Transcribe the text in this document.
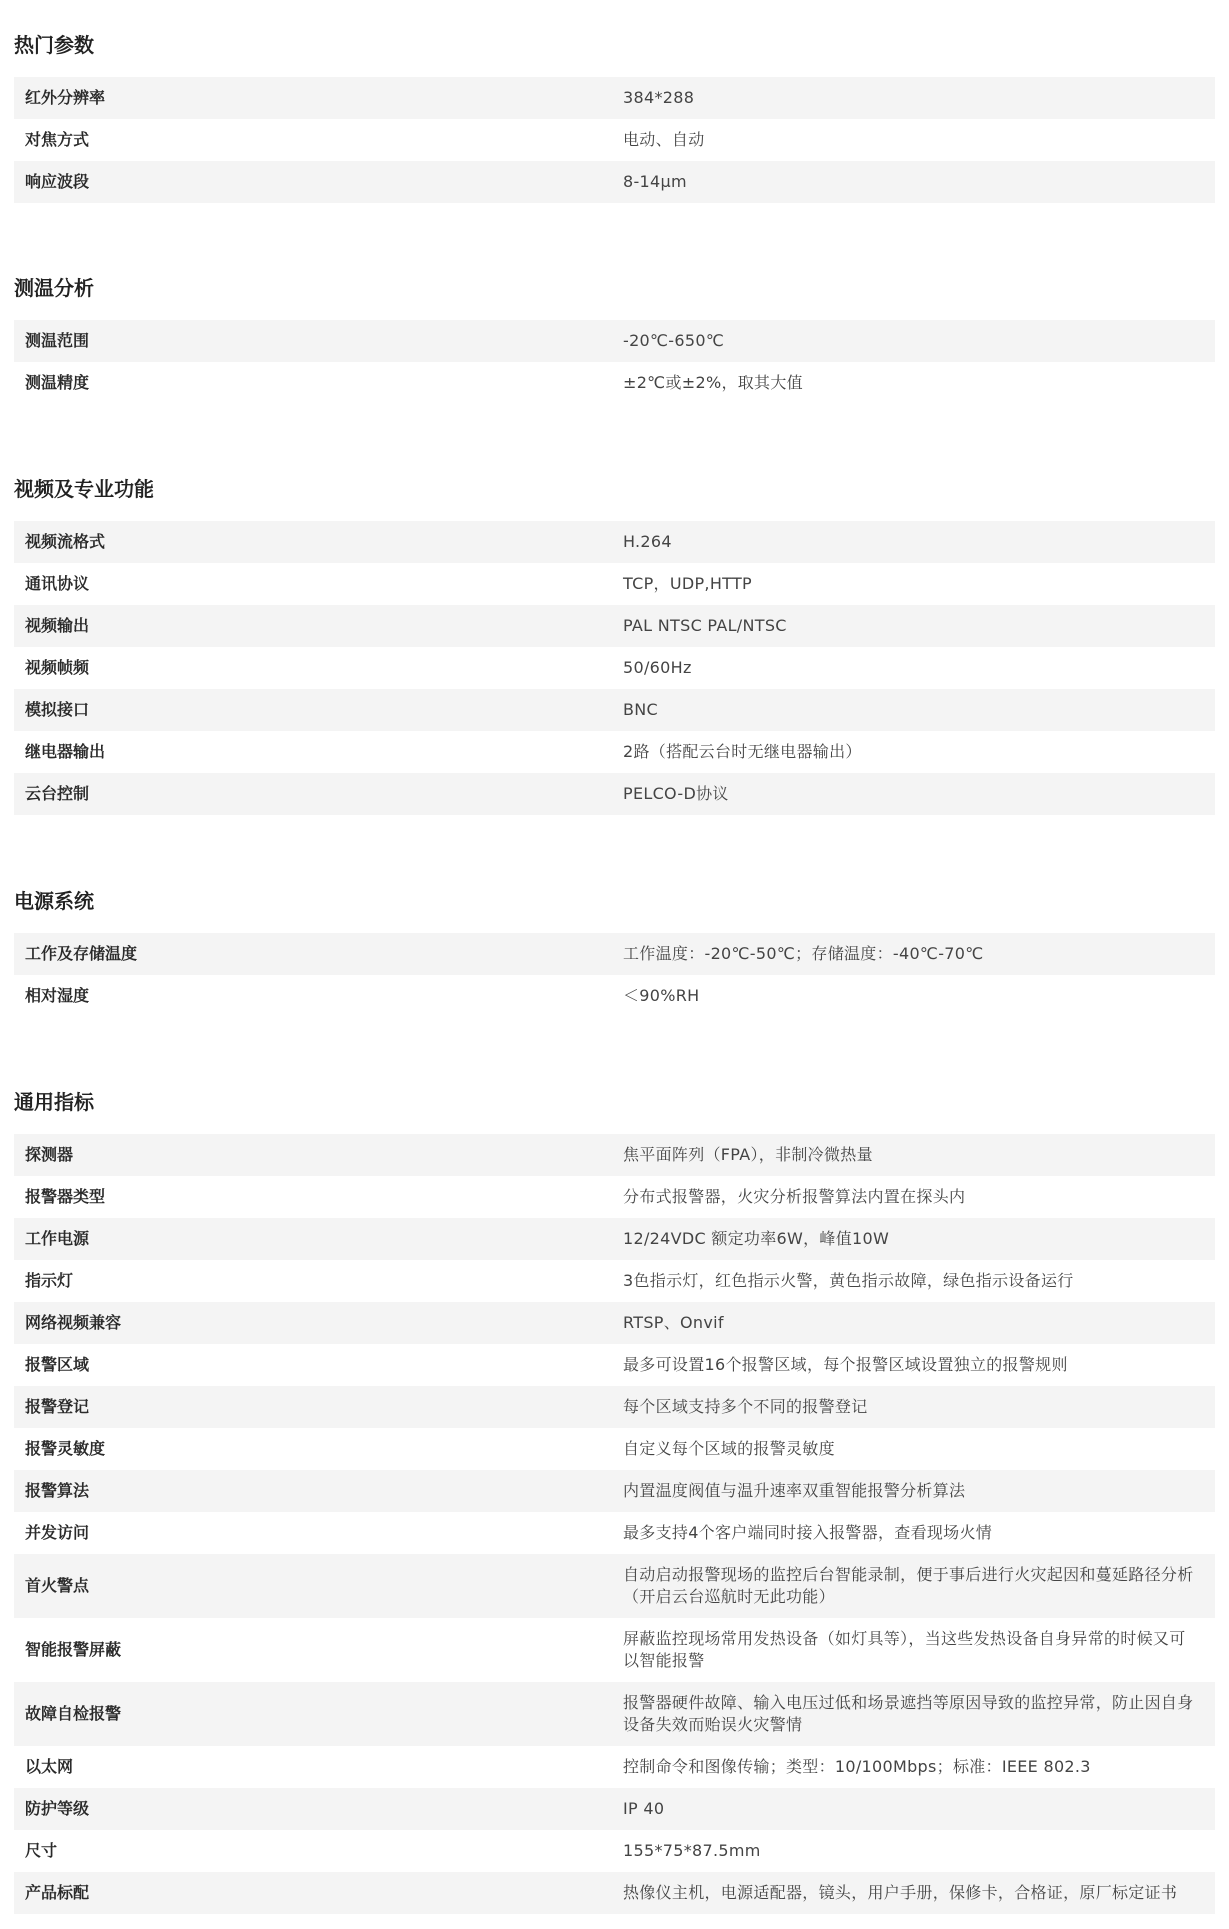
热门参数
红外分辨率	384*288
对焦方式	电动、自动
响应波段	8-14μm
测温分析
测温范围	-20℃-650℃
测温精度	±2℃或±2%，取其大值
视频及专业功能
视频流格式	H.264
通讯协议	TCP，UDP,HTTP
视频输出	PAL NTSC PAL/NTSC
视频帧频	50/60Hz
模拟接口	BNC
继电器输出	2路（搭配云台时无继电器输出）
云台控制	PELCO-D协议
电源系统
工作及存储温度	工作温度：-20℃-50℃；存储温度：-40℃-70℃
相对湿度	＜90%RH
通用指标
探测器	焦平面阵列（FPA），非制冷微热量
报警器类型	分布式报警器，火灾分析报警算法内置在探头内
工作电源	12/24VDC 额定功率6W，峰值10W
指示灯	3色指示灯，红色指示火警，黄色指示故障，绿色指示设备运行
网络视频兼容	RTSP、Onvif
报警区域	最多可设置16个报警区域，每个报警区域设置独立的报警规则
报警登记	每个区域支持多个不同的报警登记
报警灵敏度	自定义每个区域的报警灵敏度
报警算法	内置温度阀值与温升速率双重智能报警分析算法
并发访问	最多支持4个客户端同时接入报警器，查看现场火情
首火警点	自动启动报警现场的监控后台智能录制，便于事后进行火灾起因和蔓延路径分析（开启云台巡航时无此功能）
智能报警屏蔽	屏蔽监控现场常用发热设备（如灯具等），当这些发热设备自身异常的时候又可以智能报警
故障自检报警	报警器硬件故障、输入电压过低和场景遮挡等原因导致的监控异常，防止因自身设备失效而贻误火灾警情
以太网	控制命令和图像传输；类型：10/100Mbps；标准：IEEE 802.3
防护等级	IP 40
尺寸	155*75*87.5mm
产品标配	热像仪主机，电源适配器，镜头，用户手册，保修卡，合格证，原厂标定证书
